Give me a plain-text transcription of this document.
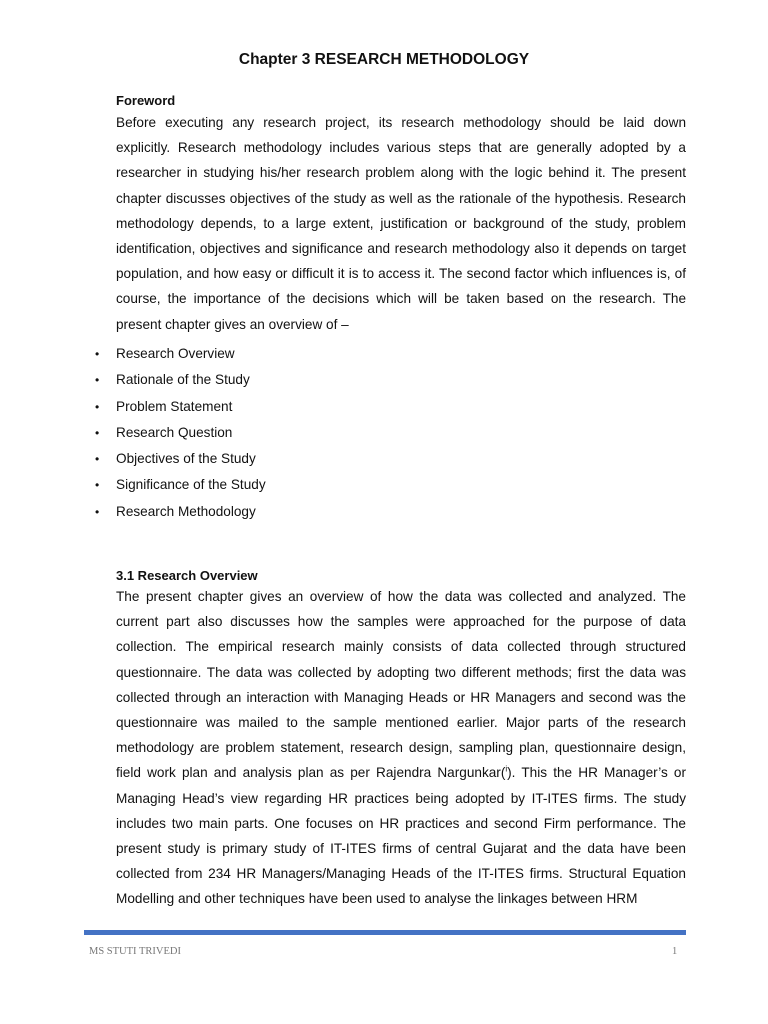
Chapter 3 RESEARCH METHODOLOGY

Foreword

Before executing any research project, its research methodology should be laid down explicitly. Research methodology includes various steps that are generally adopted by a researcher in studying his/her research problem along with the logic behind it. The present chapter discusses objectives of the study as well as the rationale of the hypothesis. Research methodology depends, to a large extent, justification or background of the study, problem identification, objectives and significance and research methodology also it depends on target population, and how easy or difficult it is to access it. The second factor which influences is, of course, the importance of the decisions which will be taken based on the research. The present chapter gives an overview of –

• Research Overview
• Rationale of the Study
• Problem Statement
• Research Question
• Objectives of the Study
• Significance of the Study
• Research Methodology

3.1 Research Overview

The present chapter gives an overview of how the data was collected and analyzed. The current part also discusses how the samples were approached for the purpose of data collection. The empirical research mainly consists of data collected through structured questionnaire. The data was collected by adopting two different methods; first the data was collected through an interaction with Managing Heads or HR Managers and second was the questionnaire was mailed to the sample mentioned earlier. Major parts of the research methodology are problem statement, research design, sampling plan, questionnaire design, field work plan and analysis plan as per Rajendra Nargunkar($^i$). This the HR Manager’s or Managing Head’s view regarding HR practices being adopted by IT-ITES firms. The study includes two main parts. One focuses on HR practices and second Firm performance. The present study is primary study of IT-ITES firms of central Gujarat and the data have been collected from 234 HR Managers/Managing Heads of the IT-ITES firms. Structural Equation Modelling and other techniques have been used to analyse the linkages between HRM

MS STUTI TRIVEDI	1
